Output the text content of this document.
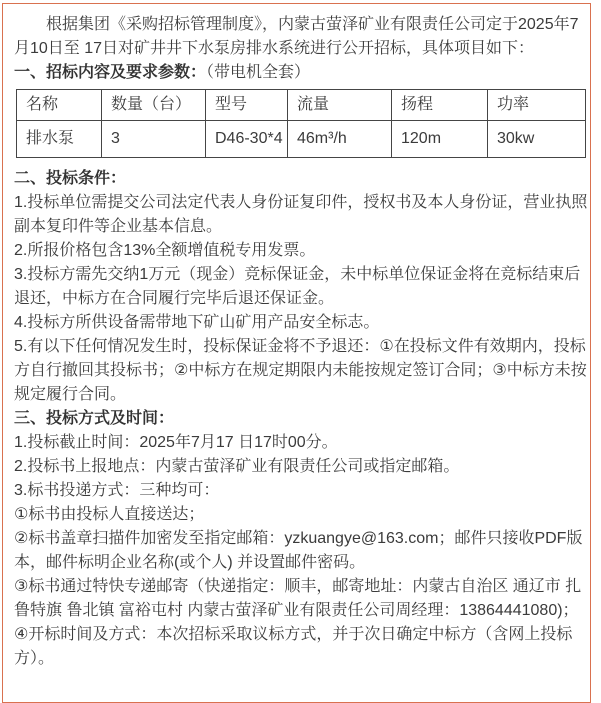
根据集团《采购招标管理制度》，内蒙古萤泽矿业有限责任公司定于2025年7月10日至 17日对矿井井下水泵房排水系统进行公开招标，具体项目如下：

一、招标内容及要求参数：（带电机全套）

名称	数量（台）	型号	流量	扬程	功率
排水泵	3	D46-30*4	46m³/h	120m	30kw

二、投标条件：

1.投标单位需提交公司法定代表人身份证复印件，授权书及本人身份证，营业执照副本复印件等企业基本信息。

2.所报价格包含13%全额增值税专用发票。

3.投标方需先交纳1万元（现金）竞标保证金，未中标单位保证金将在竞标结束后退还，中标方在合同履行完毕后退还保证金。

4.投标方所供设备需带地下矿山矿用产品安全标志。

5.有以下任何情况发生时，投标保证金将不予退还：①在投标文件有效期内，投标方自行撤回其投标书；②中标方在规定期限内未能按规定签订合同；③中标方未按规定履行合同。

三、投标方式及时间：

1.投标截止时间：2025年7月17 日17时00分。

2.投标书上报地点：内蒙古萤泽矿业有限责任公司或指定邮箱。

3.标书投递方式：三种均可：

①标书由投标人直接送达；

②标书盖章扫描件加密发至指定邮箱：yzkuangye@163.com；邮件只接收PDF版本，邮件标明企业名称(或个人) 并设置邮件密码。

③标书通过特快专递邮寄（快递指定：顺丰，邮寄地址：内蒙古自治区 通辽市 扎鲁特旗 鲁北镇 富裕屯村 内蒙古萤泽矿业有限责任公司周经理：13864441080)；

④开标时间及方式：本次招标采取议标方式，并于次日确定中标方（含网上投标方）。
